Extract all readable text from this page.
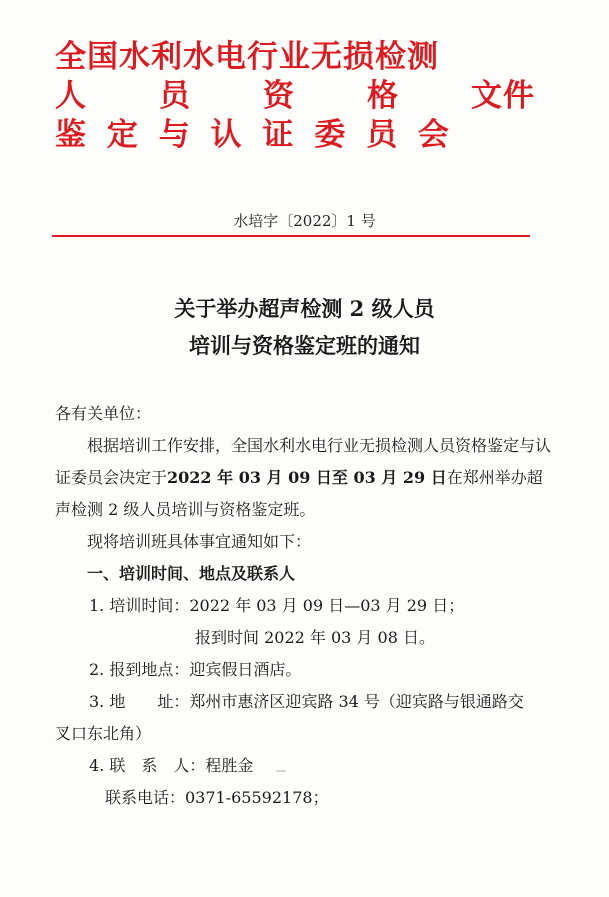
全国水利水电行业无损检测
人 员 资 格 文件
鉴 定 与 认 证 委 员 会
水培字〔2022〕1 号
关于举办超声检测 2 级人员
培训与资格鉴定班的通知

各有关单位：

根据培训工作安排，全国水利水电行业无损检测人员资格鉴定与认证委员会决定于2022 年 03 月 09 日至 03 月 29 日在郑州举办超声检测 2 级人员培训与资格鉴定班。

现将培训班具体事宜通知如下：

一、培训时间、地点及联系人

1. 培训时间：2022 年 03 月 09 日—03 月 29 日；

报到时间 2022 年 03 月 08 日。

2. 报到地点：迎宾假日酒店。

3. 地　　址：郑州市惠济区迎宾路 34 号（迎宾路与银通路交

叉口东北角）

4. 联　系　人：程胜金

联系电话：0371-65592178；
